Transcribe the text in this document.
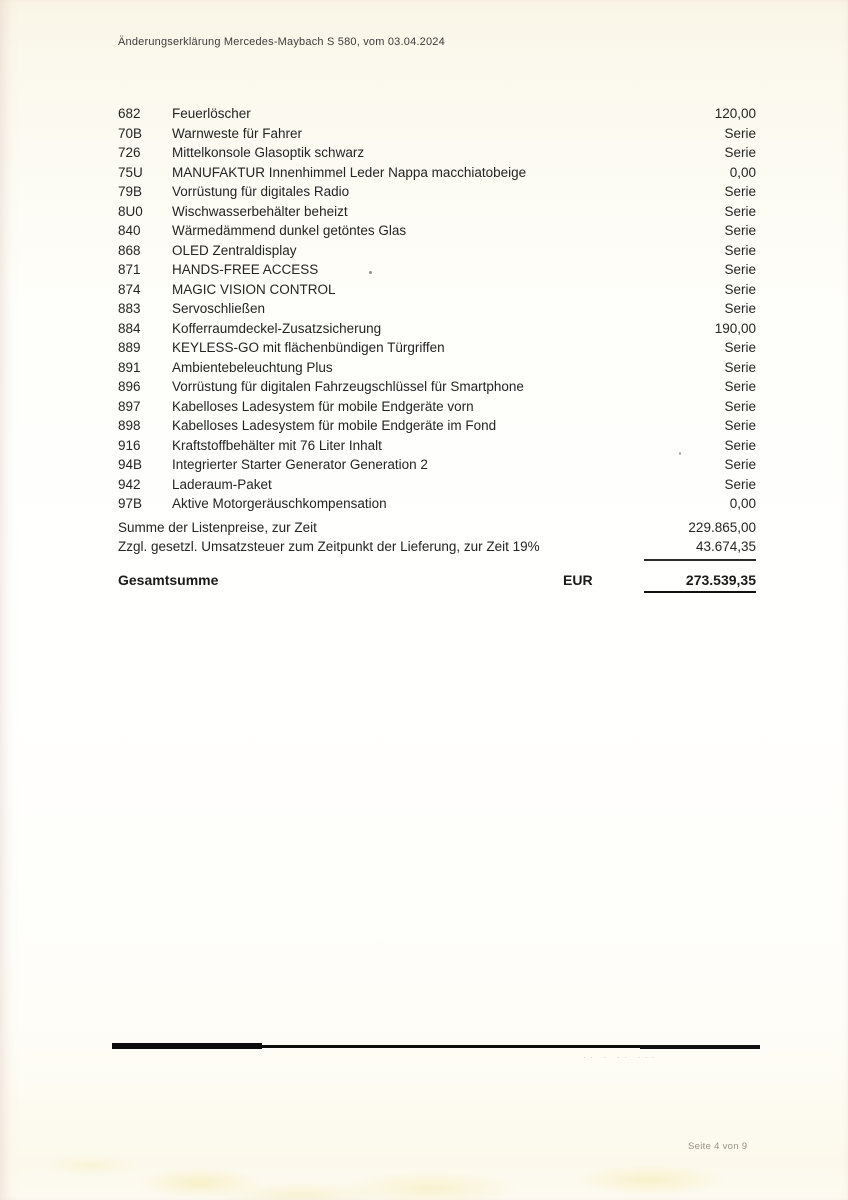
Änderungserklärung Mercedes-Maybach S 580, vom 03.04.2024
682	Feuerlöscher	120,00
70B	Warnweste für Fahrer	Serie
726	Mittelkonsole Glasoptik schwarz	Serie
75U	MANUFAKTUR Innenhimmel Leder Nappa macchiatobeige	0,00
79B	Vorrüstung für digitales Radio	Serie
8U0	Wischwasserbehälter beheizt	Serie
840	Wärmedämmend dunkel getöntes Glas	Serie
868	OLED Zentraldisplay	Serie
871	HANDS-FREE ACCESS	Serie
874	MAGIC VISION CONTROL	Serie
883	Servoschließen	Serie
884	Kofferraumdeckel-Zusatzsicherung	190,00
889	KEYLESS-GO mit flächenbündigen Türgriffen	Serie
891	Ambientebeleuchtung Plus	Serie
896	Vorrüstung für digitalen Fahrzeugschlüssel für Smartphone	Serie
897	Kabelloses Ladesystem für mobile Endgeräte vorn	Serie
898	Kabelloses Ladesystem für mobile Endgeräte im Fond	Serie
916	Kraftstoffbehälter mit 76 Liter Inhalt	Serie
94B	Integrierter Starter Generator Generation 2	Serie
942	Laderaum-Paket	Serie
97B	Aktive Motorgeräuschkompensation	0,00
Summe der Listenpreise, zur Zeit	229.865,00
Zzgl. gesetzl. Umsatzsteuer zum Zeitpunkt der Lieferung, zur Zeit 19%	43.674,35
Gesamtsumme	EUR	273.539,35
·· · ·· ···
Seite 4 von 9
